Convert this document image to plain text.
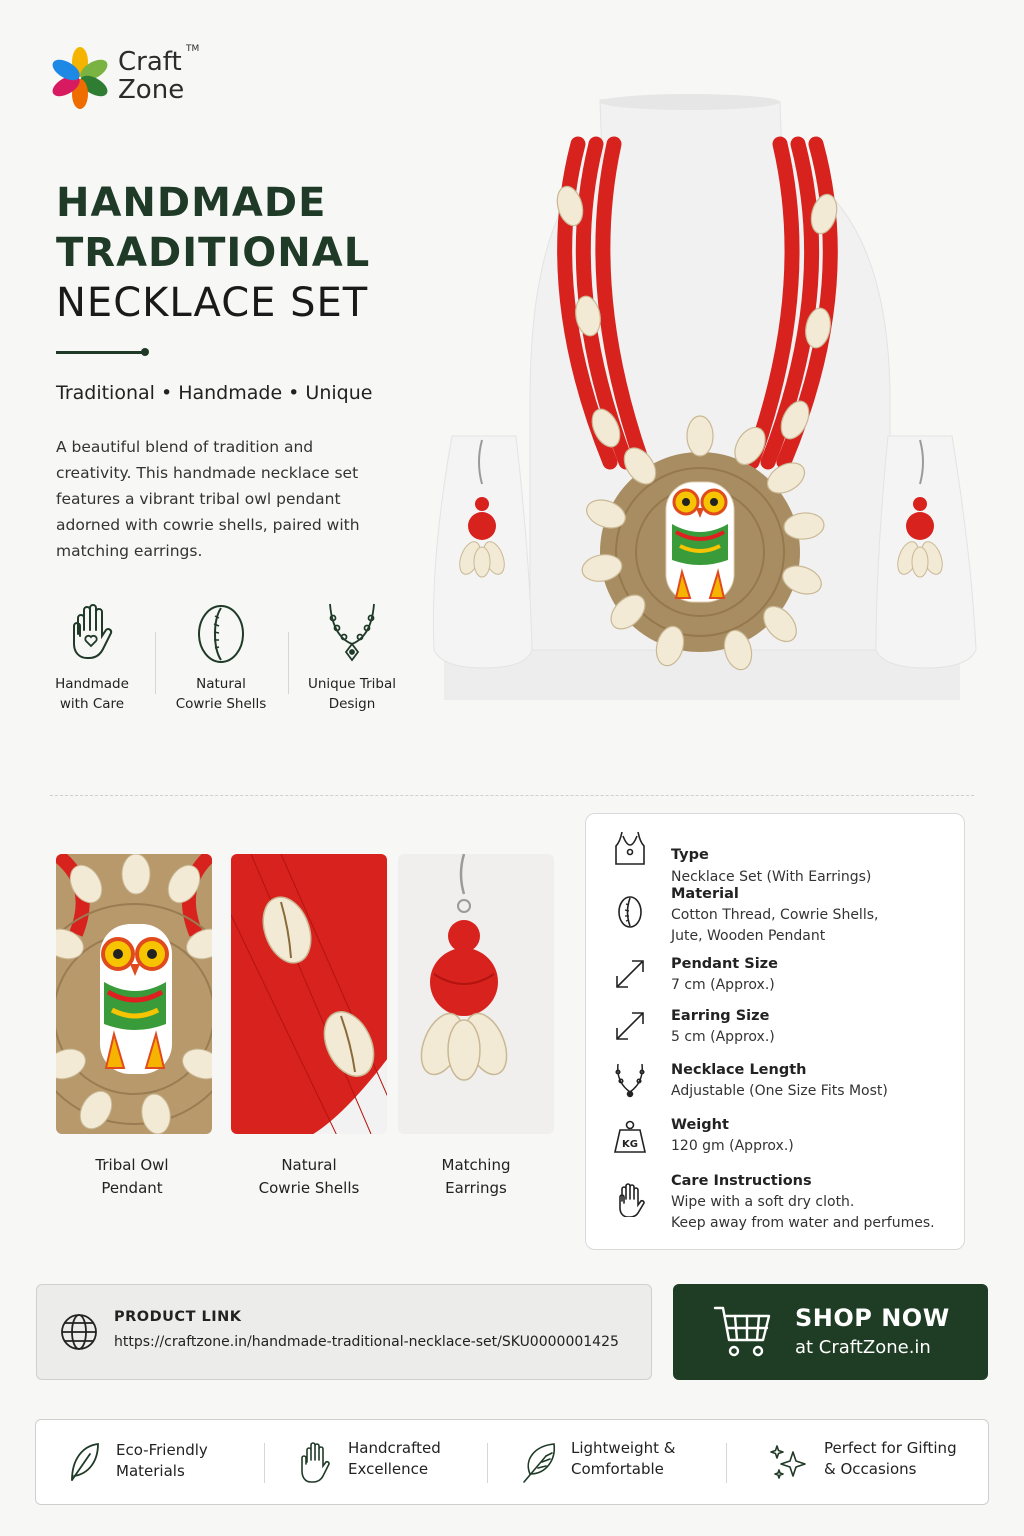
Craft
Zone
TM
HANDMADE
TRADITIONAL
NECKLACE SET
Traditional • Handmade • Unique
A beautiful blend of tradition and creativity. This handmade necklace set features a vibrant tribal owl pendant adorned with cowrie shells, paired with matching earrings.
Handmade
with Care
Natural
Cowrie Shells
Unique Tribal
Design
Tribal Owl
Pendant
Natural
Cowrie Shells
Matching
Earrings
Type
Necklace Set (With Earrings)
Material
Cotton Thread, Cowrie Shells,
Jute, Wooden Pendant
Pendant Size
7 cm (Approx.)
Earring Size
5 cm (Approx.)
Necklace Length
Adjustable (One Size Fits Most)
KG
Weight
120 gm (Approx.)
Care Instructions
Wipe with a soft dry cloth.
Keep away from water and perfumes.
PRODUCT LINK
https://craftzone.in/handmade-traditional-necklace-set/SKU0000001425
SHOP NOW
at CraftZone.in
Eco-Friendly
Materials
Handcrafted
Excellence
Lightweight &
Comfortable
Perfect for Gifting
& Occasions
